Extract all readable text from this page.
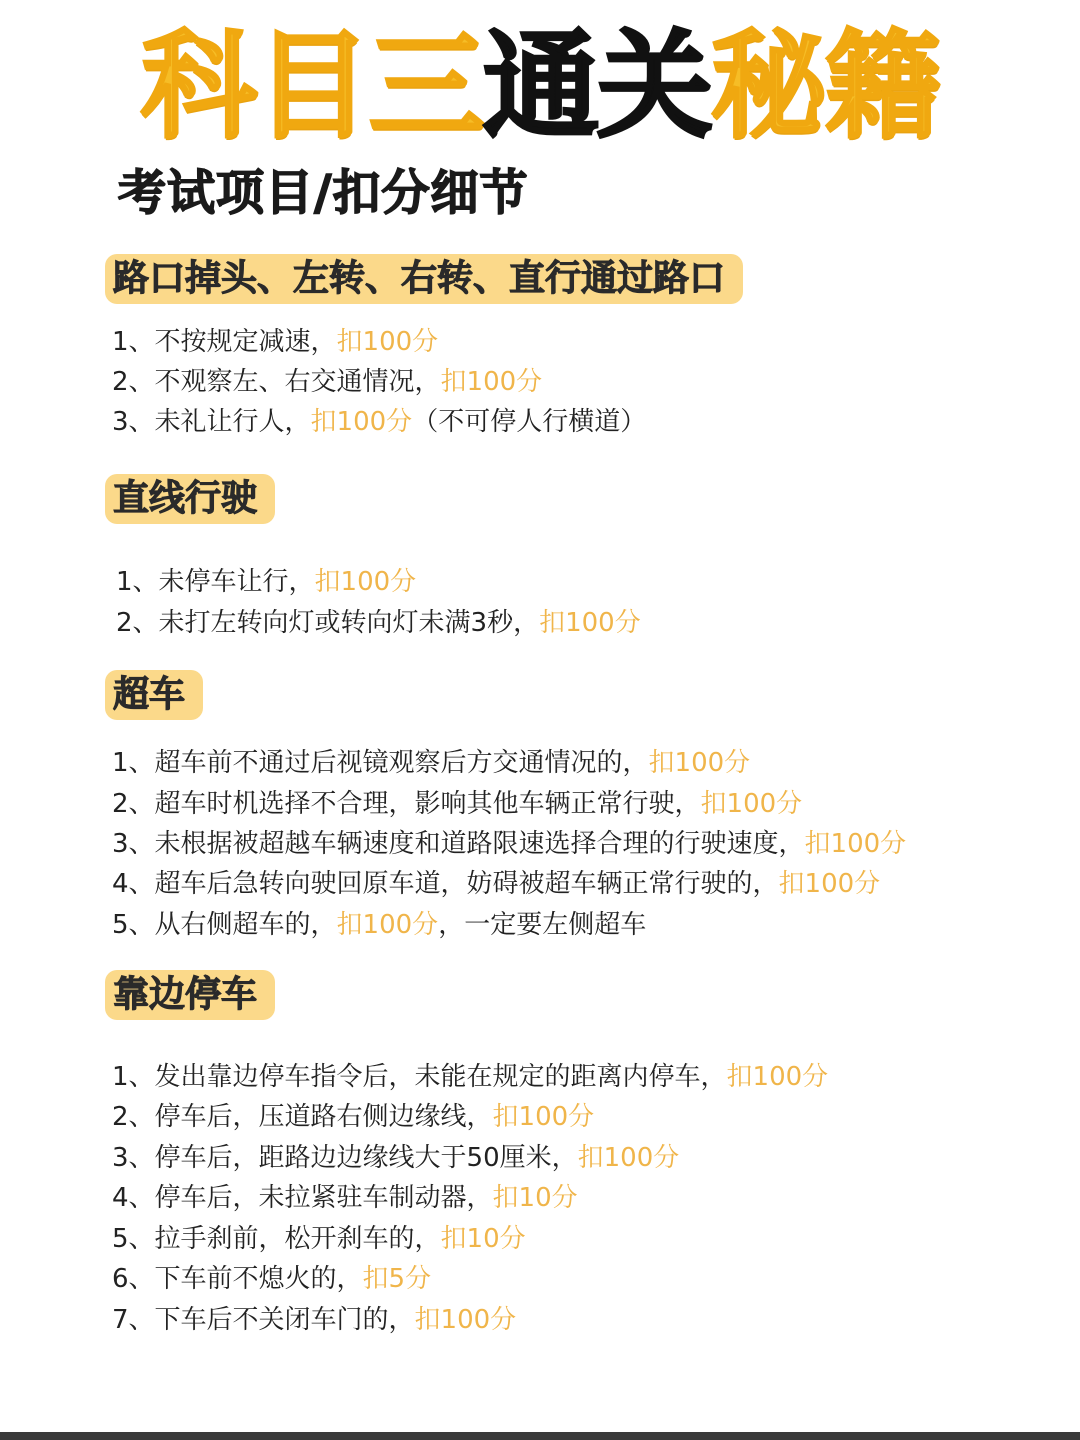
科目三通关秘籍
考试项目/扣分细节
路口掉头、左转、右转、直行通过路口
1、不按规定减速，扣100分
2、不观察左、右交通情况，扣100分
3、未礼让行人，扣100分（不可停人行横道）
直线行驶
1、未停车让行，扣100分
2、未打左转向灯或转向灯未满3秒，扣100分
超车
1、超车前不通过后视镜观察后方交通情况的，扣100分
2、超车时机选择不合理，影响其他车辆正常行驶，扣100分
3、未根据被超越车辆速度和道路限速选择合理的行驶速度，扣100分
4、超车后急转向驶回原车道，妨碍被超车辆正常行驶的，扣100分
5、从右侧超车的，扣100分，一定要左侧超车
靠边停车
1、发出靠边停车指令后，未能在规定的距离内停车，扣100分
2、停车后，压道路右侧边缘线，扣100分
3、停车后，距路边边缘线大于50厘米，扣100分
4、停车后，未拉紧驻车制动器，扣10分
5、拉手刹前，松开刹车的，扣10分
6、下车前不熄火的，扣5分
7、下车后不关闭车门的，扣100分
